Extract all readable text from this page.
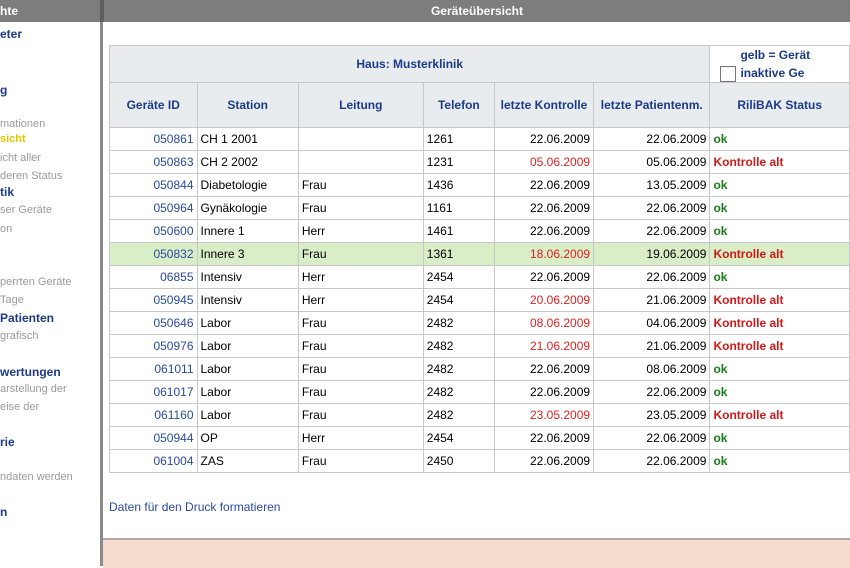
hte	Geräteübersicht
eter
g
mationen
sicht
icht aller
deren Status
tik
ser Geräte
on
perrten Geräte
Tage
Patienten
grafisch
wertungen
arstellung der
eise der
rie
ndaten werden
n
Haus: Musterklinik						gelb = Gerät
inaktive Ge

Geräte ID	Station	Leitung	Telefon	letzte Kontrolle	letzte Patientenm.	RiliBAK Status
050861	CH 1 2001		1261	22.06.2009	22.06.2009	ok
050863	CH 2 2002		1231	05.06.2009	05.06.2009	Kontrolle alt
050844	Diabetologie	Frau	1436	22.06.2009	13.05.2009	ok
050964	Gynäkologie	Frau	1161	22.06.2009	22.06.2009	ok
050600	Innere 1	Herr	1461	22.06.2009	22.06.2009	ok
050832	Innere 3	Frau	1361	18.06.2009	19.06.2009	Kontrolle alt
06855	Intensiv	Herr	2454	22.06.2009	22.06.2009	ok
050945	Intensiv	Herr	2454	20.06.2009	21.06.2009	Kontrolle alt
050646	Labor	Frau	2482	08.06.2009	04.06.2009	Kontrolle alt
050976	Labor	Frau	2482	21.06.2009	21.06.2009	Kontrolle alt
061011	Labor	Frau	2482	22.06.2009	08.06.2009	ok
061017	Labor	Frau	2482	22.06.2009	22.06.2009	ok
061160	Labor	Frau	2482	23.05.2009	23.05.2009	Kontrolle alt
050944	OP	Herr	2454	22.06.2009	22.06.2009	ok
061004	ZAS	Frau	2450	22.06.2009	22.06.2009	ok
Daten für den Druck formatieren
